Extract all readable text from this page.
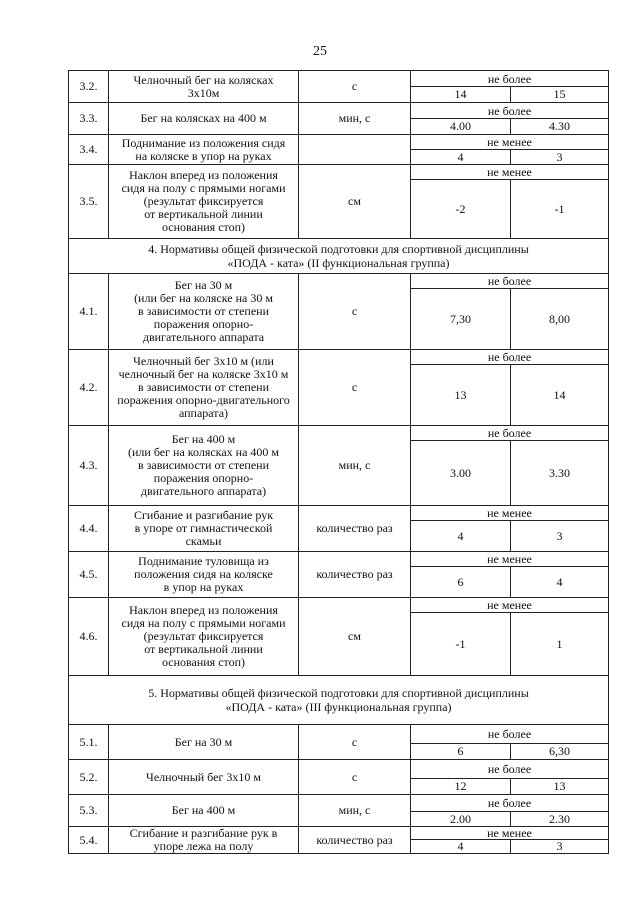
25
3.2.	Челночный бег на колясках
3x10м	с	не более	
			14	15
3.3.	Бег на колясках на 400 м	мин, с	не более	
			4.00	4.30
3.4.	Поднимание из положения сидя
на коляске в упор на руках		не менее	
			4	3
3.5.	Наклон вперед из положения
сидя на полу с прямыми ногами
(результат фиксируется
от вертикальной линии
основания стоп)	см	не менее	
			-2	-1

4. Нормативы общей физической подготовки для спортивной дисциплины
«ПОДА - ката» (II функциональная группа)				

4.1.	Бег на 30 м
(или бег на коляске на 30 м
в зависимости от степени
поражения опорно-
двигательного аппарата	с	не более	
			7,30	8,00
4.2.	Челночный бег 3x10 м (или
челночный бег на коляске 3x10 м
в зависимости от степени
поражения опорно-двигательного
аппарата)	с	не более	
			13	14
4.3.	Бег на 400 м
(или бег на колясках на 400 м
в зависимости от степени
поражения опорно-
двигательного аппарата)	мин, с	не более	
			3.00	3.30
4.4.	Сгибание и разгибание рук
в упоре от гимнастической
скамьи	количество раз	не менее	
			4	3
4.5.	Поднимание туловища из
положения сидя на коляске
в упор на руках	количество раз	не менее	
			6	4
4.6.	Наклон вперед из положения
сидя на полу с прямыми ногами
(результат фиксируется
от вертикальной линии
основания стоп)	см	не менее	
			-1	1

5. Нормативы общей физической подготовки для спортивной дисциплины
«ПОДА - ката» (III функциональная группа)				

5.1.	Бег на 30 м	с	не более	
			6	6,30
5.2.	Челночный бег 3x10 м	с	не более	
			12	13
5.3.	Бег на 400 м	мин, с	не более	
			2.00	2.30
5.4.	Сгибание и разгибание рук в
упоре лежа на полу	количество раз	не менее	
			4	3
